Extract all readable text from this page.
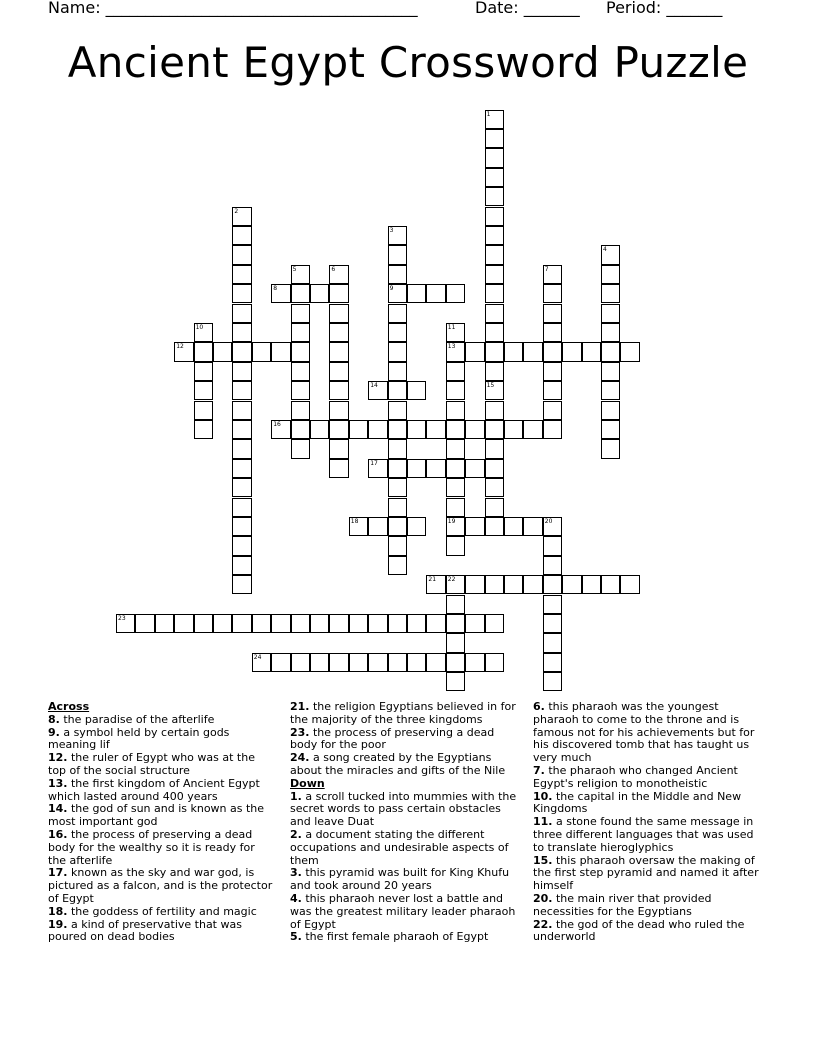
Name: _______________________________________	Date: _______ Period: _______
Ancient Egypt Crossword Puzzle
1
15
2
3
9
4
5	6	7
8
10	11
13
19
12
14
16
17
18	20
21 22
23
24
Across
8. the paradise of the afterlife
9. a symbol held by certain gods meaning lif
12. the ruler of Egypt who was at the top of the social structure
13. the first kingdom of Ancient Egypt which lasted around 400 years
14. the god of sun and is known as the most important god
16. the process of preserving a dead body for the wealthy so it is ready for the afterlife
17. known as the sky and war god, is pictured as a falcon, and is the protector of Egypt
18. the goddess of fertility and magic
19. a kind of preservative that was poured on dead bodies
21. the religion Egyptians believed in for the majority of the three kingdoms
23. the process of preserving a dead body for the poor
24. a song created by the Egyptians about the miracles and gifts of the Nile
Down
1. a scroll tucked into mummies with the secret words to pass certain obstacles and leave Duat
2. a document stating the different occupations and undesirable aspects of them
3. this pyramid was built for King Khufu and took around 20 years
4. this pharaoh never lost a battle and was the greatest military leader pharaoh of Egypt
5. the first female pharaoh of Egypt
6. this pharaoh was the youngest pharaoh to come to the throne and is famous not for his achievements but for his discovered tomb that has taught us very much
7. the pharaoh who changed Ancient Egypt's religion to monotheistic
10. the capital in the Middle and New Kingdoms
11. a stone found the same message in three different languages that was used to translate hieroglyphics
15. this pharaoh oversaw the making of the first step pyramid and named it after himself
20. the main river that provided necessities for the Egyptians
22. the god of the dead who ruled the underworld
